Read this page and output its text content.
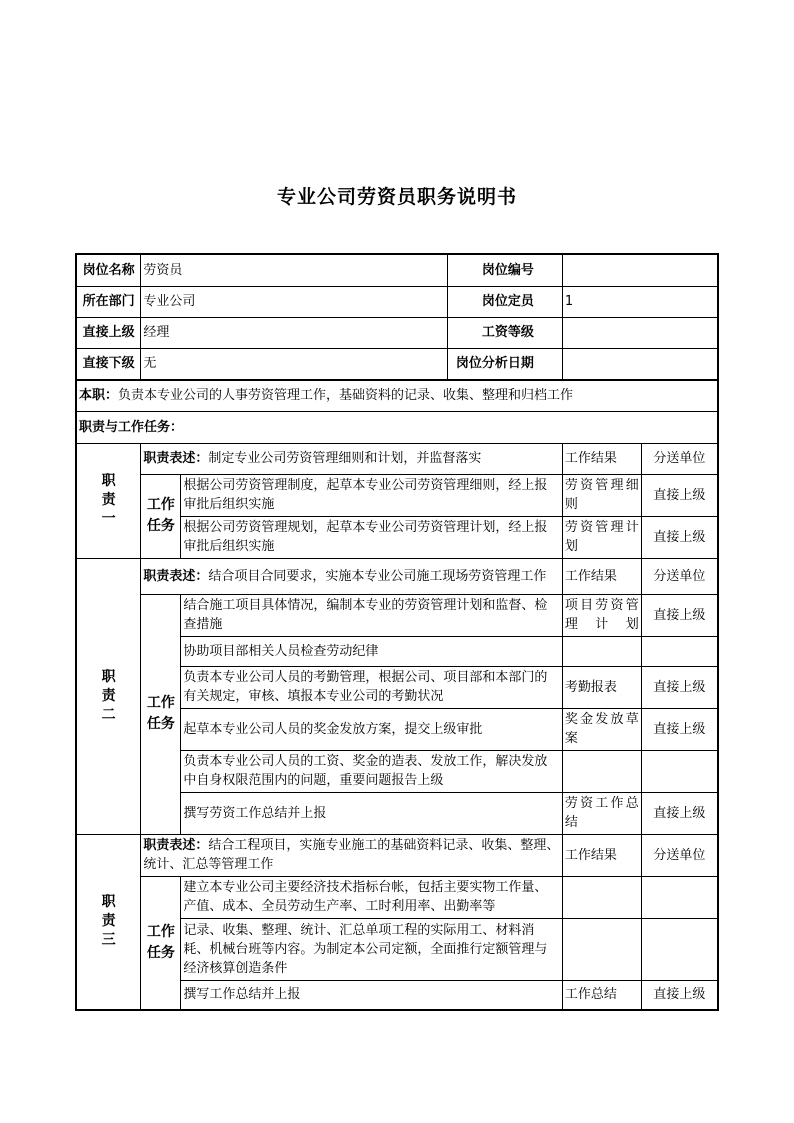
专业公司劳资员职务说明书
岗位名称	劳资员		岗位编号		
所在部门	专业公司		岗位定员	1	
直接上级	经理		工资等级		
直接下级	无		岗位分析日期		
本职：负责本专业公司的人事劳资管理工作，基础资料的记录、收集、整理和归档工作					
职责与工作任务：					
职
责
一	职责表述：制定专业公司劳资管理细则和计划，并监督落实			工作结果	分送单位
	工作
任务	根据公司劳资管理制度，起草本专业公司劳资管理细则，经上报审批后组织实施		劳资管理细则	直接上级
		根据公司劳资管理规划，起草本专业公司劳资管理计划，经上报审批后组织实施		劳资管理计划	直接上级
职
责
二	职责表述：结合项目合同要求，实施本专业公司施工现场劳资管理工作			工作结果	分送单位
	工作
任务	结合施工项目具体情况，编制本专业的劳资管理计划和监督、检查措施		项目劳资管理计划	直接上级
		协助项目部相关人员检查劳动纪律			
		负责本专业公司人员的考勤管理，根据公司、项目部和本部门的有关规定，审核、填报本专业公司的考勤状况		考勤报表	直接上级
		起草本专业公司人员的奖金发放方案，提交上级审批		奖金发放草案	直接上级
		负责本专业公司人员的工资、奖金的造表、发放工作，解决发放中自身权限范围内的问题，重要问题报告上级			
		撰写劳资工作总结并上报		劳资工作总结	直接上级
职
责
三	职责表述：结合工程项目，实施专业施工的基础资料记录、收集、整理、统计、汇总等管理工作			工作结果	分送单位
	工作
任务	建立本专业公司主要经济技术指标台帐，包括主要实物工作量、产值、成本、全员劳动生产率、工时利用率、出勤率等			
		记录、收集、整理、统计、汇总单项工程的实际用工、材料消耗、机械台班等内容。为制定本公司定额，全面推行定额管理与经济核算创造条件			
		撰写工作总结并上报		工作总结	直接上级
